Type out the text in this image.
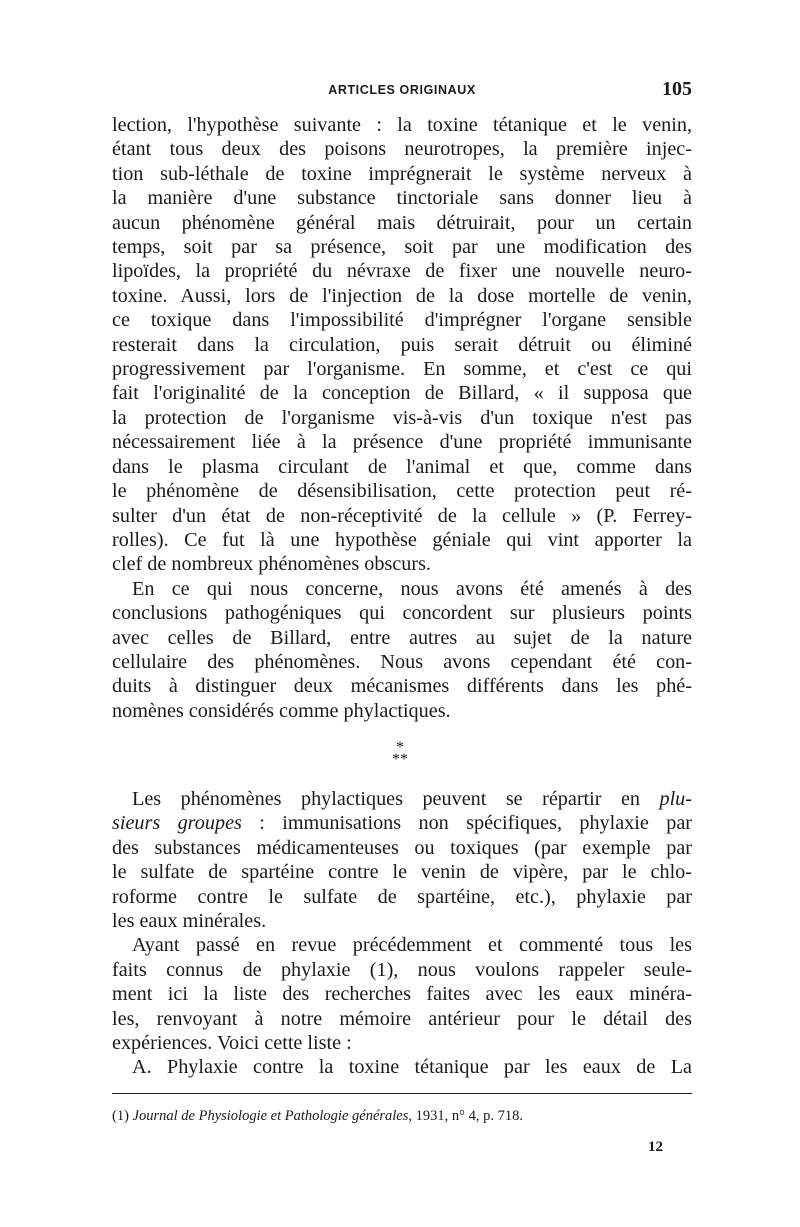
ARTICLES ORIGINAUX	105

lection, l'hypothèse suivante : la toxine tétanique et le venin,
étant tous deux des poisons neurotropes, la première injec-
tion sub-léthale de toxine imprégnerait le système nerveux à
la manière d'une substance tinctoriale sans donner lieu à
aucun phénomène général mais détruirait, pour un certain
temps, soit par sa présence, soit par une modification des
lipoïdes, la propriété du névraxe de fixer une nouvelle neuro-
toxine. Aussi, lors de l'injection de la dose mortelle de venin,
ce toxique dans l'impossibilité d'imprégner l'organe sensible
resterait dans la circulation, puis serait détruit ou éliminé
progressivement par l'organisme. En somme, et c'est ce qui
fait l'originalité de la conception de Billard, « il supposa que
la protection de l'organisme vis-à-vis d'un toxique n'est pas
nécessairement liée à la présence d'une propriété immunisante
dans le plasma circulant de l'animal et que, comme dans
le phénomène de désensibilisation, cette protection peut ré-
sulter d'un état de non-réceptivité de la cellule » (P. Ferrey-
rolles). Ce fut là une hypothèse géniale qui vint apporter la
clef de nombreux phénomènes obscurs.

En ce qui nous concerne, nous avons été amenés à des
conclusions pathogéniques qui concordent sur plusieurs points
avec celles de Billard, entre autres au sujet de la nature
cellulaire des phénomènes. Nous avons cependant été con-
duits à distinguer deux mécanismes différents dans les phé-
nomènes considérés comme phylactiques.

*
**

Les phénomènes phylactiques peuvent se répartir en plu-
sieurs groupes : immunisations non spécifiques, phylaxie par
des substances médicamenteuses ou toxiques (par exemple par
le sulfate de spartéine contre le venin de vipère, par le chlo-
roforme contre le sulfate de spartéine, etc.), phylaxie par
les eaux minérales.

Ayant passé en revue précédemment et commenté tous les
faits connus de phylaxie (1), nous voulons rappeler seule-
ment ici la liste des recherches faites avec les eaux minéra-
les, renvoyant à notre mémoire antérieur pour le détail des
expériences. Voici cette liste :

A. Phylaxie contre la toxine tétanique par les eaux de La

(1) Journal de Physiologie et Pathologie générales, 1931, n° 4, p. 718.
12
